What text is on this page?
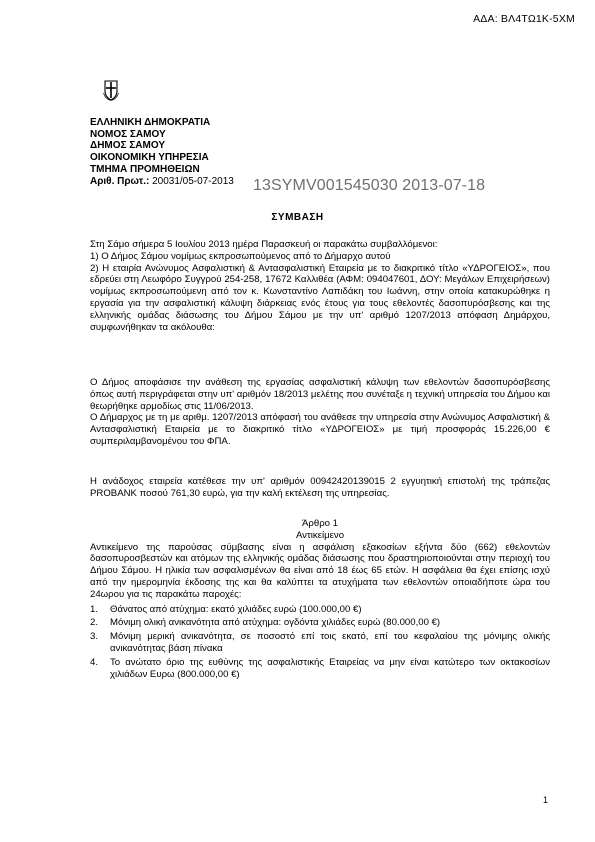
ΑΔΑ: ΒΛ4ΤΩ1Κ-5ΧΜ
ΕΛΛΗΝΙΚΗ ΔΗΜΟΚΡΑΤΙΑ
ΝΟΜΟΣ ΣΑΜΟΥ
ΔΗΜΟΣ ΣΑΜΟΥ
ΟΙΚΟΝΟΜΙΚΗ ΥΠΗΡΕΣΙΑ
ΤΜΗΜΑ ΠΡΟΜΗΘΕΙΩΝ
Αριθ. Πρωτ.: 20031/05-07-2013 13SYMV001545030 2013-07-18
ΣΥΜΒΑΣΗ

Στη Σάμο σήμερα 5 Ιουλίου 2013 ημέρα Παρασκευή οι παρακάτω συμβαλλόμενοι:

1) Ο Δήμος Σάμου νομίμως εκπροσωπούμενος από το Δήμαρχο αυτού

2) Η εταιρία Ανώνυμος Ασφαλιστική & Αντασφαλιστική Εταιρεία με το διακριτικό τίτλο «ΥΔΡΟΓΕΙΟΣ», που εδρεύει στη Λεωφόρο Συγγρού 254-258, 17672 Καλλιθέα (ΑΦΜ: 094047601, ΔΟΥ: Μεγάλων Επιχειρήσεων) νομίμως εκπροσωπούμενη από τον κ. Κωνσταντίνο Λαπιδάκη του Ιωάννη, στην οποία κατακυρώθηκε η εργασία για την ασφαλιστική κάλυψη διάρκειας ενός έτους για τους εθελοντές δασοπυρόσβεσης και της ελληνικής ομάδας διάσωσης του Δήμου Σάμου με την υπ' αριθμό 1207/2013 απόφαση Δημάρχου, συμφωνήθηκαν τα ακόλουθα:

Ο Δήμος αποφάσισε την ανάθεση της εργασίας ασφαλιστική κάλυψη των εθελοντών δασοπυρόσβεσης όπως αυτή περιγράφεται στην υπ' αριθμόν 18/2013 μελέτης που συνέταξε η τεχνική υπηρεσία του Δήμου και θεωρήθηκε αρμοδίως στις 11/06/2013.

Ο Δήμαρχος με τη με αριθμ. 1207/2013 απόφασή του ανάθεσε την υπηρεσία στην Ανώνυμος Ασφαλιστική & Αντασφαλιστική Εταιρεία με το διακριτικό τίτλο «ΥΔΡΟΓΕΙΟΣ» με τιμή προσφοράς 15.226,00 € συμπεριλαμβανομένου του ΦΠΑ.

Η ανάδοχος εταιρεία κατέθεσε την υπ' αριθμόν 00942420139015 2 εγγυητική επιστολή της τράπεζας PROBANK ποσού 761,30 ευρώ, για την καλή εκτέλεση της υπηρεσίας.

Άρθρο 1
Αντικείμενο

Αντικείμενο της παρούσας σύμβασης είναι η ασφάλιση εξακοσίων εξήντα δύο (662) εθελοντών δασοπυροσβεστών και ατόμων της ελληνικής ομάδας διάσωσης που δραστηριοποιούνται στην περιοχή του Δήμου Σάμου. Η ηλικία των ασφαλισμένων θα είναι από 18 έως 65 ετών. Η ασφάλεια θα έχει επίσης ισχύ από την ημερομηνία έκδοσης της και θα καλύπτει τα ατυχήματα των εθελοντών οποιαδήποτε ώρα του 24ωρου για τις παρακάτω παροχές:

1. Θάνατος από ατύχημα: εκατό χιλιάδες ευρώ (100.000,00 €)
2. Μόνιμη ολική ανικανότητα από ατύχημα: ογδόντα χιλιάδες ευρώ (80.000,00 €)
3. Μόνιμη μερική ανικανότητα, σε ποσοστό επί τοις εκατό, επί του κεφαλαίου της μόνιμης ολικής ανικανότητας βάση πίνακα
4. Το ανώτατο όριο της ευθύνης της ασφαλιστικής Εταιρείας να μην είναι κατώτερο των οκτακοσίων χιλιάδων Ευρω (800.000,00 €)
1
